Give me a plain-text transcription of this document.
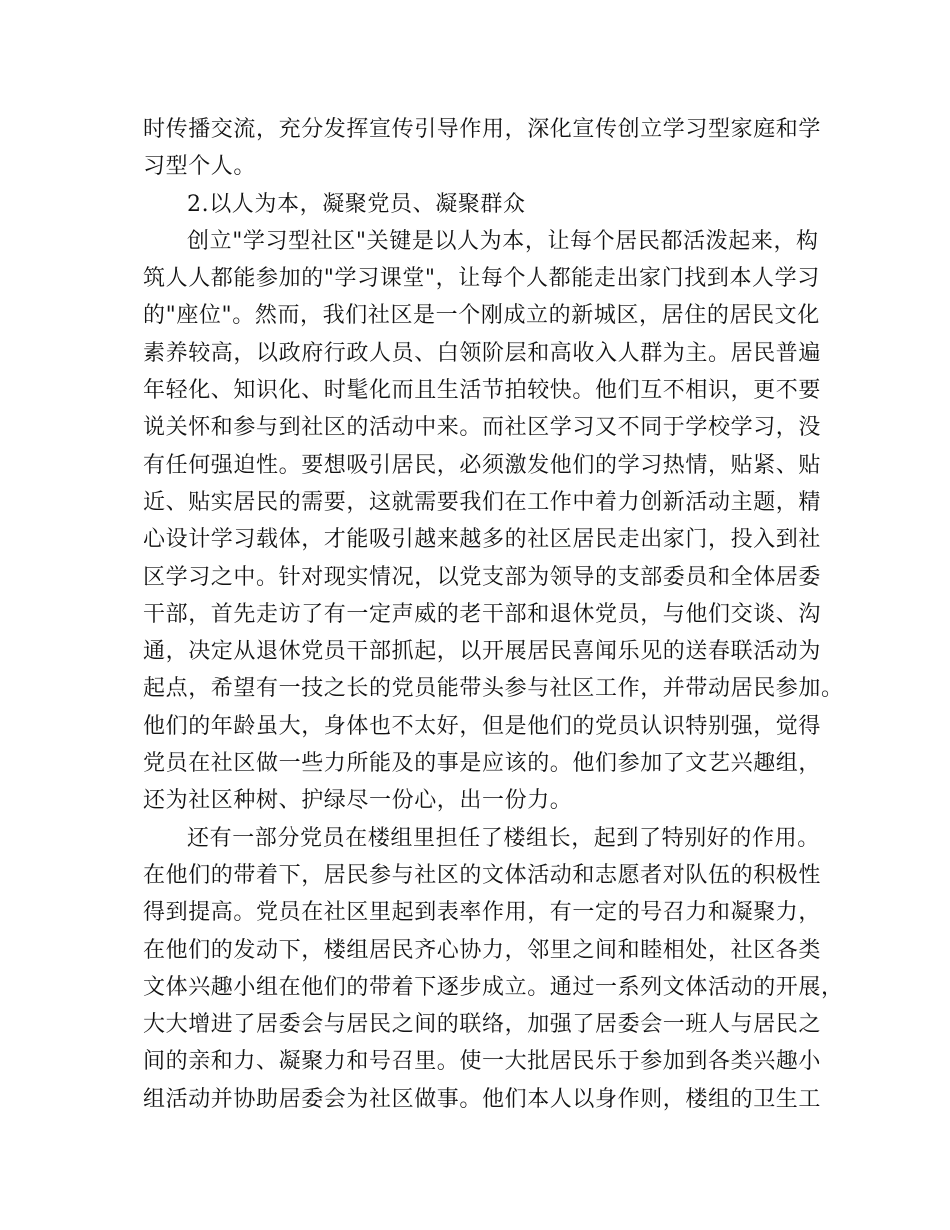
时传播交流，充分发挥宣传引导作用，深化宣传创立学习型家庭和学
习型个人。
2.以人为本，凝聚党员、凝聚群众
创立"学习型社区"关键是以人为本，让每个居民都活泼起来，构
筑人人都能参加的"学习课堂"，让每个人都能走出家门找到本人学习
的"座位"。然而，我们社区是一个刚成立的新城区，居住的居民文化
素养较高，以政府行政人员、白领阶层和高收入人群为主。居民普遍
年轻化、知识化、时髦化而且生活节拍较快。他们互不相识，更不要
说关怀和参与到社区的活动中来。而社区学习又不同于学校学习，没
有任何强迫性。要想吸引居民，必须激发他们的学习热情，贴紧、贴
近、贴实居民的需要，这就需要我们在工作中着力创新活动主题，精
心设计学习载体，才能吸引越来越多的社区居民走出家门，投入到社
区学习之中。针对现实情况，以党支部为领导的支部委员和全体居委
干部，首先走访了有一定声威的老干部和退休党员，与他们交谈、沟
通，决定从退休党员干部抓起，以开展居民喜闻乐见的送春联活动为
起点，希望有一技之长的党员能带头参与社区工作，并带动居民参加。
他们的年龄虽大，身体也不太好，但是他们的党员认识特别强，觉得
党员在社区做一些力所能及的事是应该的。他们参加了文艺兴趣组，
还为社区种树、护绿尽一份心，出一份力。
还有一部分党员在楼组里担任了楼组长，起到了特别好的作用。
在他们的带着下，居民参与社区的文体活动和志愿者对队伍的积极性
得到提高。党员在社区里起到表率作用，有一定的号召力和凝聚力，
在他们的发动下，楼组居民齐心协力，邻里之间和睦相处，社区各类
文体兴趣小组在他们的带着下逐步成立。通过一系列文体活动的开展，
大大增进了居委会与居民之间的联络，加强了居委会一班人与居民之
间的亲和力、凝聚力和号召里。使一大批居民乐于参加到各类兴趣小
组活动并协助居委会为社区做事。他们本人以身作则，楼组的卫生工
